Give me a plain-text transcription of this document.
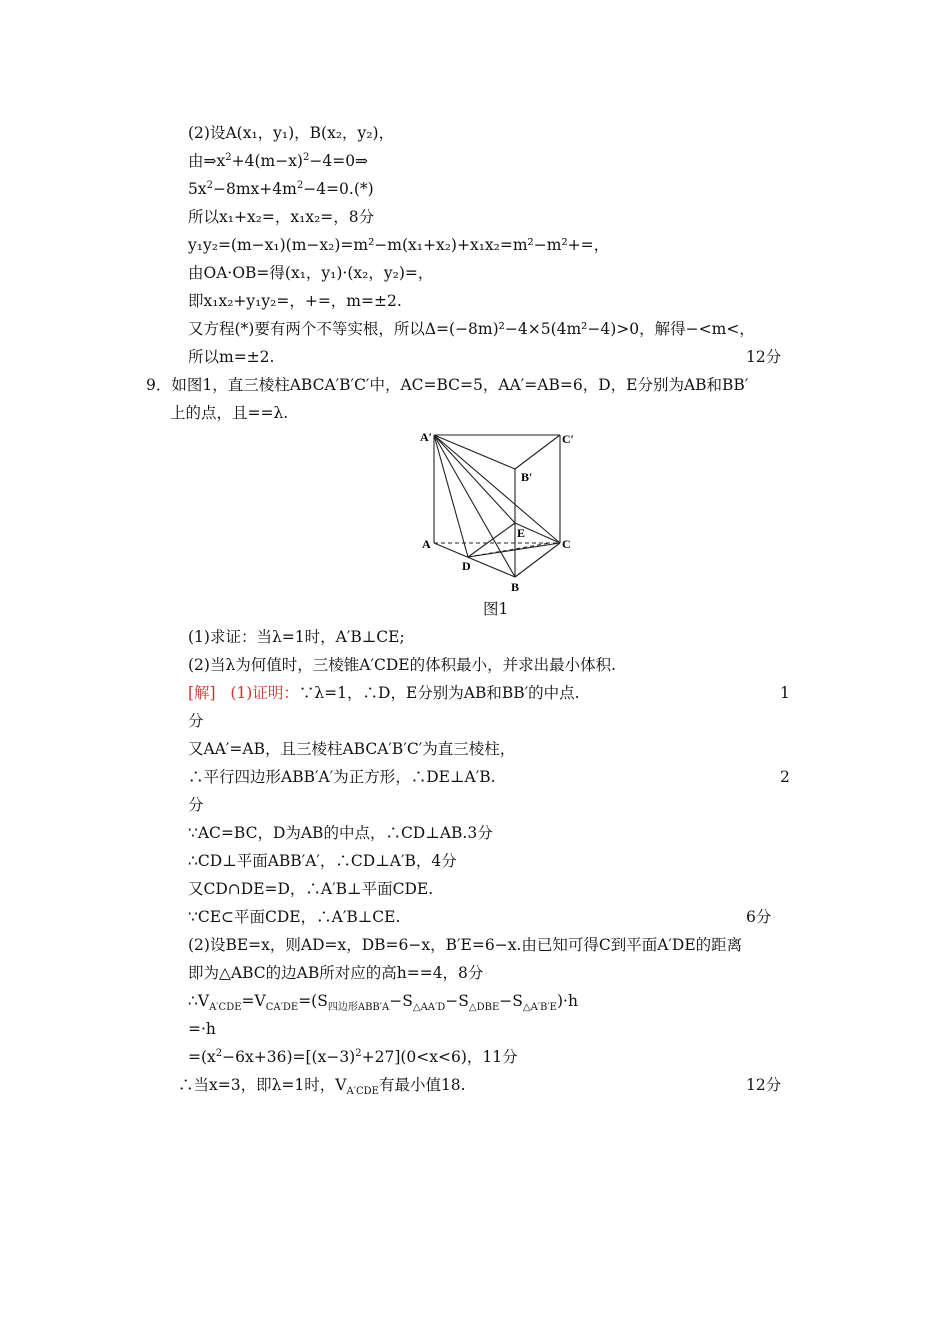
(2)设A(x₁，y₁)，B(x₂，y₂)，
由$\Rightarrow x^2+4(m-x)^2-4=0\Rightarrow$
$5x^2-8mx+4m^2-4=0.(*)$
所以x₁+x₂=，x₁x₂=，8分
y₁y₂=(m−x₁)(m−x₂)=m²−m(x₁+x₂)+x₁x₂=m²−m²+=，
由OA·OB=得(x₁，y₁)·(x₂，y₂)=，
即x₁x₂+y₁y₂=，+=，m=±2.
又方程(*)要有两个不等实根，所以Δ=(−8m)²−4×5(4m²−4)>0，解得−<m<，
所以m=±2.	12分
9．如图1，直三棱柱ABCA′B′C′中，AC=BC=5，AA′=AB=6，D，E分别为AB和BB′
上的点，且==λ.
A′	C′
B′
A	C
E
D
B
图1
(1)求证：当λ=1时，A′B⊥CE;
(2)当λ为何值时，三棱锥A′CDE的体积最小，并求出最小体积.
[解] (1)证明：∵λ=1，∴D，E分别为AB和BB′的中点.	1
分
又AA′=AB，且三棱柱ABCA′B′C′为直三棱柱，
∴平行四边形ABB′A′为正方形，∴DE⊥A′B.	2
分
∵AC=BC，D为AB的中点，∴CD⊥AB.3分
∴CD⊥平面ABB′A′，∴CD⊥A′B，4分
又CD∩DE=D，∴A′B⊥平面CDE.
∵CE⊂平面CDE，∴A′B⊥CE.	6分
(2)设BE=x，则AD=x，DB=6−x，B′E=6−x.由已知可得C到平面A′DE的距离
即为△ABC的边AB所对应的高h==4，8分
$\therefore V_{A'CDE}=V_{CA'DE}=(S_{四边形ABB'A}-S_{\triangle AA'D}-S_{\triangle DBE}-S_{\triangle A'B'E})\cdot h$
=·h
$=(x^2-6x+36)=[(x-3)^2+27](0<x<6)$，11分
∴当x=3，即λ=1时，$V_{A'CDE}$有最小值18.	12分
